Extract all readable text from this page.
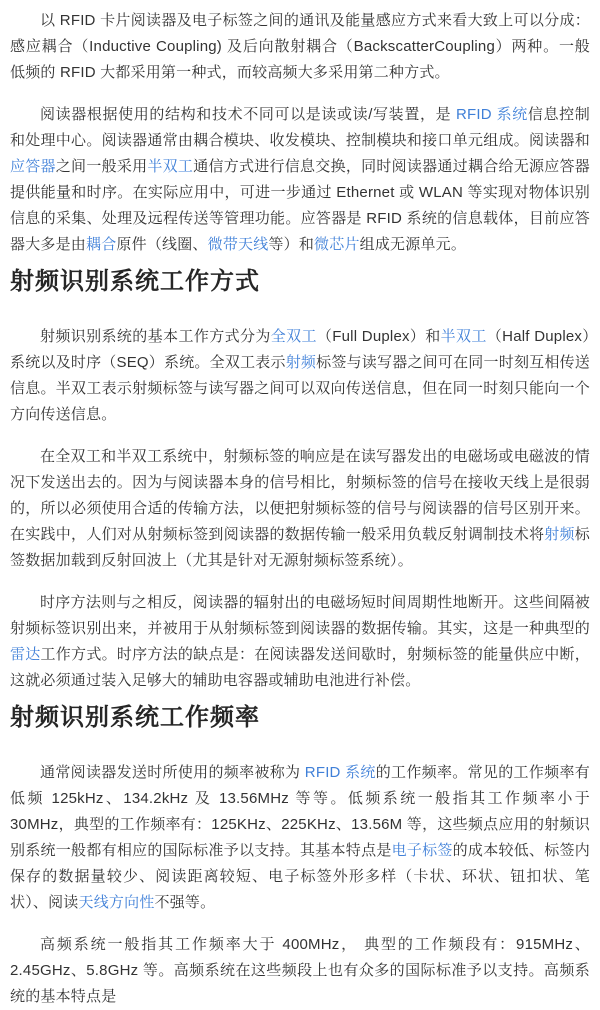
以 RFID 卡片阅读器及电子标签之间的通讯及能量感应方式来看大致上可以分成：感应耦合（Inductive Coupling) 及后向散射耦合（BackscatterCoupling）两种。一般低频的 RFID 大都采用第一种式，而较高频大多采用第二种方式。

阅读器根据使用的结构和技术不同可以是读或读/写装置，是 RFID 系统信息控制和处理中心。阅读器通常由耦合模块、收发模块、控制模块和接口单元组成。阅读器和应答器之间一般采用半双工通信方式进行信息交换，同时阅读器通过耦合给无源应答器提供能量和时序。在实际应用中，可进一步通过 Ethernet 或 WLAN 等实现对物体识别信息的采集、处理及远程传送等管理功能。应答器是 RFID 系统的信息载体，目前应答器大多是由耦合原件（线圈、微带天线等）和微芯片组成无源单元。

射频识别系统工作方式

射频识别系统的基本工作方式分为全双工（Full Duplex）和半双工（Half Duplex）系统以及时序（SEQ）系统。全双工表示射频标签与读写器之间可在同一时刻互相传送信息。半双工表示射频标签与读写器之间可以双向传送信息，但在同一时刻只能向一个方向传送信息。

在全双工和半双工系统中，射频标签的响应是在读写器发出的电磁场或电磁波的情况下发送出去的。因为与阅读器本身的信号相比，射频标签的信号在接收天线上是很弱的，所以必须使用合适的传输方法，以便把射频标签的信号与阅读器的信号区别开来。在实践中，人们对从射频标签到阅读器的数据传输一般采用负载反射调制技术将射频标签数据加载到反射回波上（尤其是针对无源射频标签系统）。

时序方法则与之相反，阅读器的辐射出的电磁场短时间周期性地断开。这些间隔被射频标签识别出来，并被用于从射频标签到阅读器的数据传输。其实，这是一种典型的雷达工作方式。时序方法的缺点是：在阅读器发送间歇时，射频标签的能量供应中断，这就必须通过装入足够大的辅助电容器或辅助电池进行补偿。

射频识别系统工作频率

通常阅读器发送时所使用的频率被称为 RFID 系统的工作频率。常见的工作频率有低频 125kHz、134.2kHz 及 13.56MHz 等等。低频系统一般指其工作频率小于 30MHz，典型的工作频率有：125KHz、225KHz、13.56M 等，这些频点应用的射频识别系统一般都有相应的国际标准予以支持。其基本特点是电子标签的成本较低、标签内保存的数据量较少、阅读距离较短、电子标签外形多样（卡状、环状、钮扣状、笔状）、阅读天线方向性不强等。

高频系统一般指其工作频率大于 400MHz， 典型的工作频段有：915MHz、2.45GHz、5.8GHz 等。高频系统在这些频段上也有众多的国际标准予以支持。高频系统的基本特点是
